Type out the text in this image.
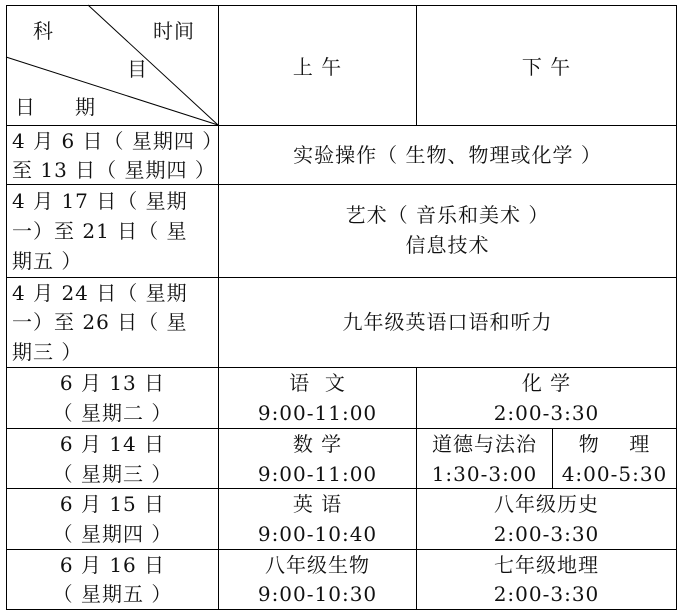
科	时间
目
日 期
上 午	下 午
4 月 6 日（ 星期四 ）
至 13 日（ 星期四 ）
实验操作（ 生物、物理或化学 ）
4 月 17 日（ 星期
一）至 21 日（ 星
期五 ）
艺术（ 音乐和美术 ）
信息技术
4 月 24 日（ 星期
一）至 26 日（ 星
期三 ）
九年级英语口语和听力
6 月 13 日
（ 星期二 ）
语  文
9:00-11:00
化 学
2:00-3:30
6 月 14 日
（ 星期三 ）
数 学
9:00-11:00
道德与法治
1:30-3:00
物    理
4:00-5:30
6 月 15 日
（ 星期四 ）
英 语
9:00-10:40
八年级历史
2:00-3:30
6 月 16 日
（ 星期五 ）
八年级生物
9:00-10:30
七年级地理
2:00-3:30
